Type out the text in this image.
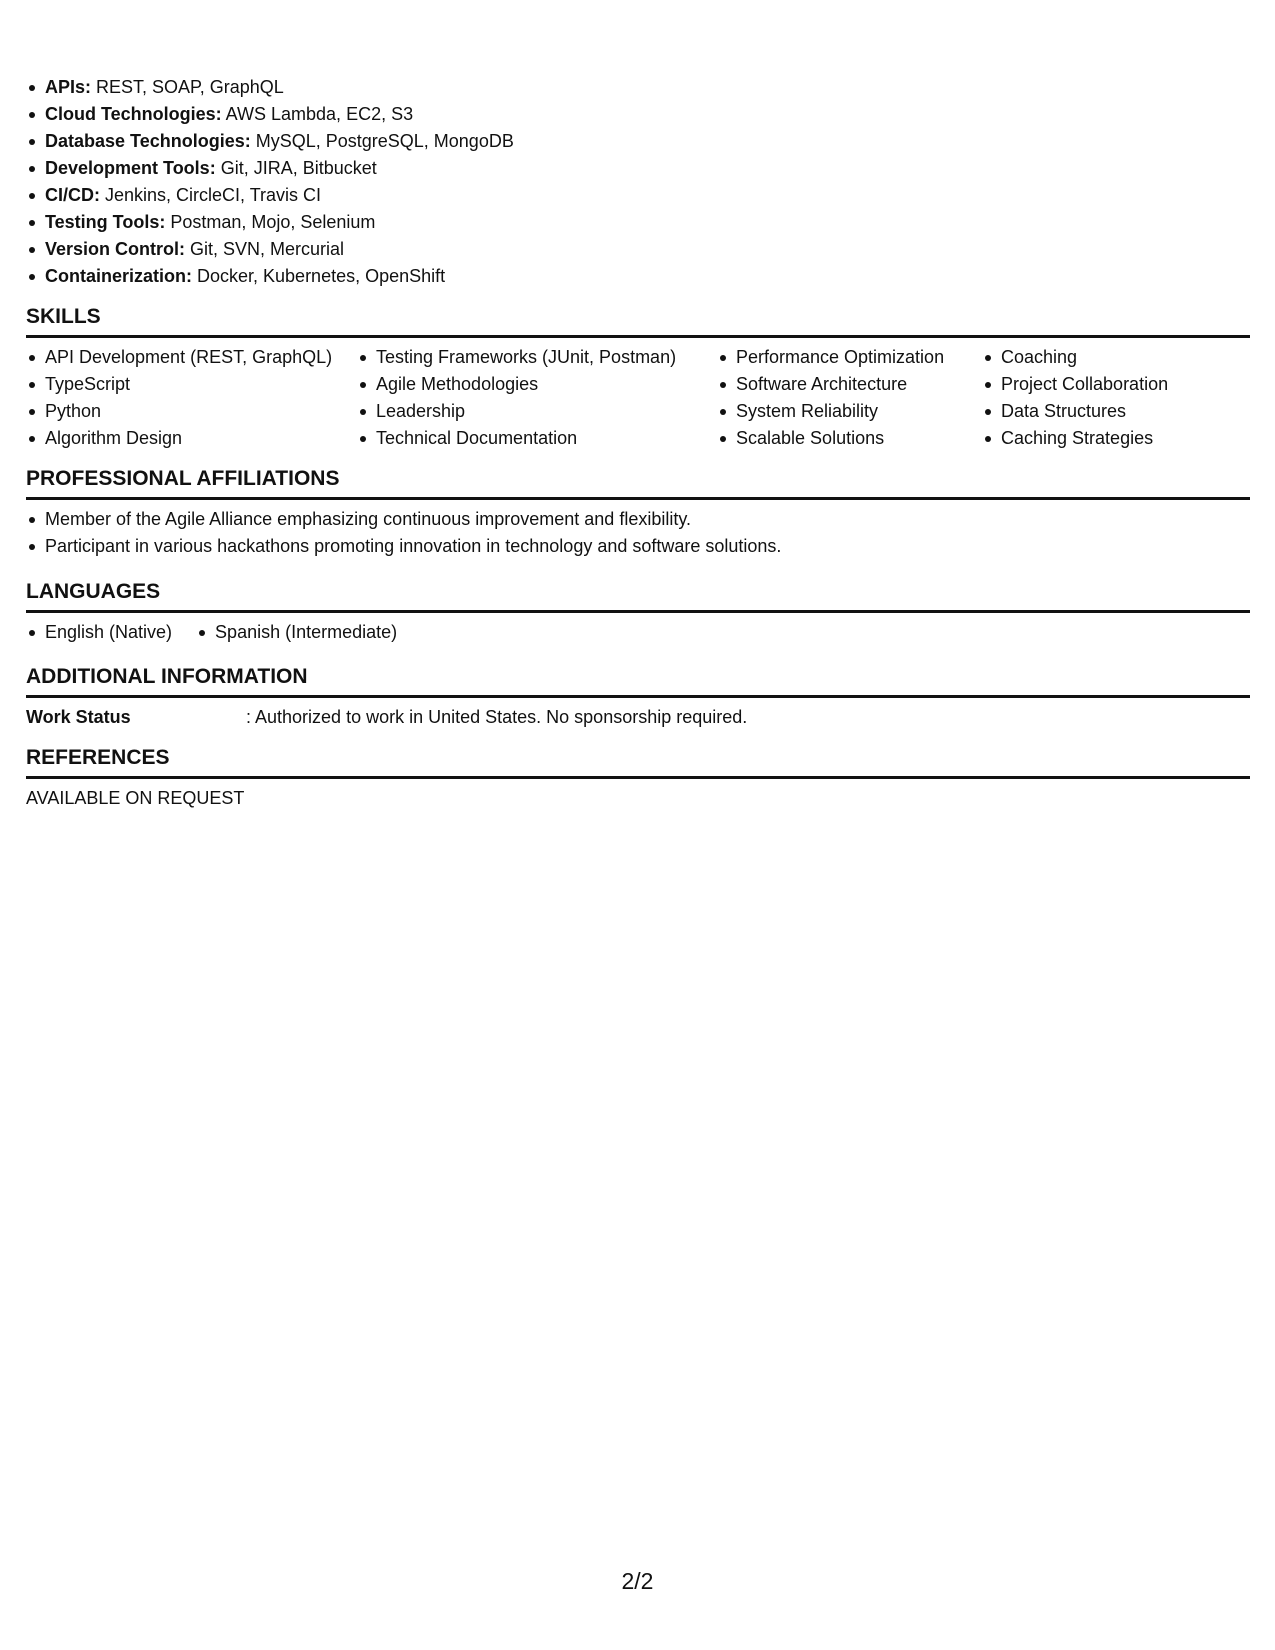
APIs: REST, SOAP, GraphQL
Cloud Technologies: AWS Lambda, EC2, S3
Database Technologies: MySQL, PostgreSQL, MongoDB
Development Tools: Git, JIRA, Bitbucket
CI/CD: Jenkins, CircleCI, Travis CI
Testing Tools: Postman, Mojo, Selenium
Version Control: Git, SVN, Mercurial
Containerization: Docker, Kubernetes, OpenShift
SKILLS
API Development (REST, GraphQL)
TypeScript
Python
Algorithm Design
Testing Frameworks (JUnit, Postman)
Agile Methodologies
Leadership
Technical Documentation
Performance Optimization
Software Architecture
System Reliability
Scalable Solutions
Coaching
Project Collaboration
Data Structures
Caching Strategies
PROFESSIONAL AFFILIATIONS
Member of the Agile Alliance emphasizing continuous improvement and flexibility.
Participant in various hackathons promoting innovation in technology and software solutions.
LANGUAGES
English (Native)	Spanish (Intermediate)
ADDITIONAL INFORMATION
Work Status	: Authorized to work in United States. No sponsorship required.
REFERENCES
AVAILABLE ON REQUEST
2/2
